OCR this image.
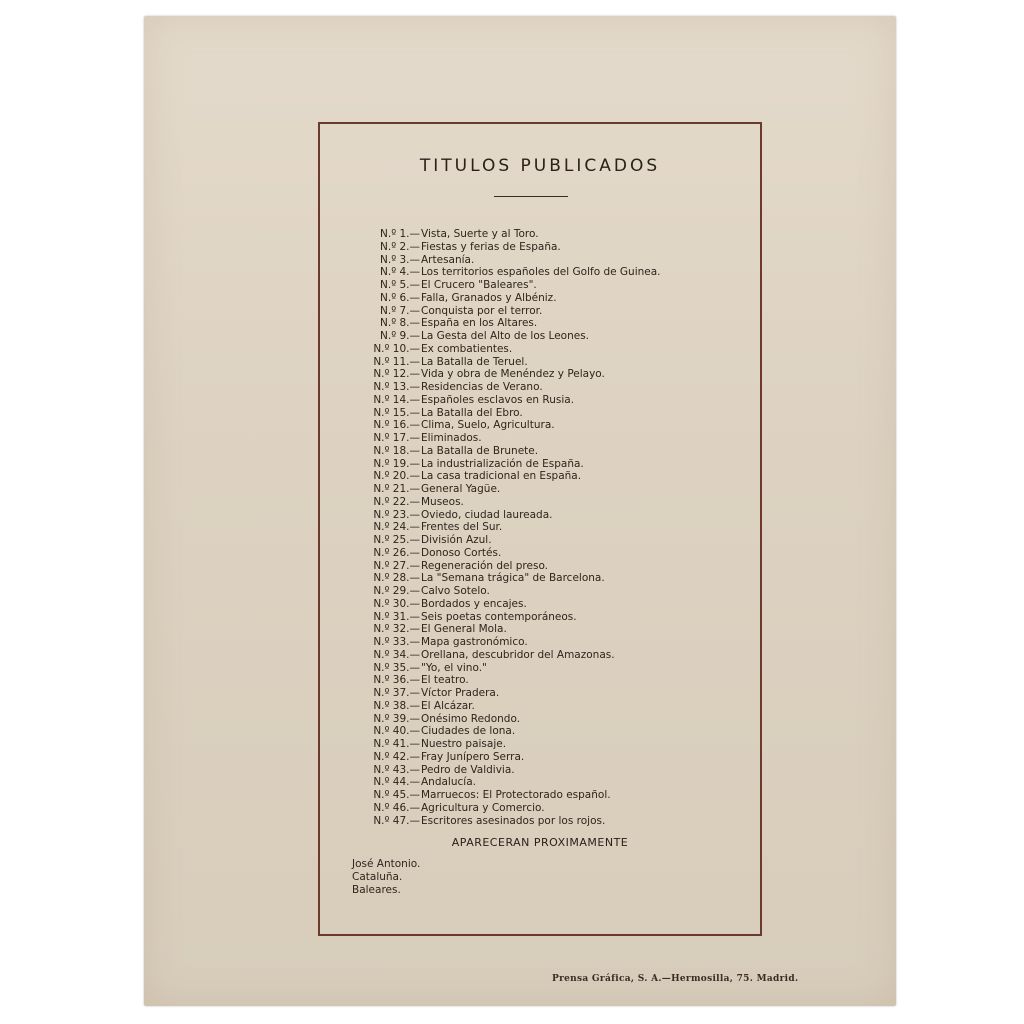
TITULOS PUBLICADOS
N.º 1.— Vista, Suerte y al Toro.
N.º 2.— Fiestas y ferias de España.
N.º 3.— Artesanía.
N.º 4.— Los territorios españoles del Golfo de Guinea.
N.º 5.— El Crucero "Baleares".
N.º 6.— Falla, Granados y Albéniz.
N.º 7.— Conquista por el terror.
N.º 8.— España en los Altares.
N.º 9.— La Gesta del Alto de los Leones.
N.º 10.— Ex combatientes.
N.º 11.— La Batalla de Teruel.
N.º 12.— Vida y obra de Menéndez y Pelayo.
N.º 13.— Residencias de Verano.
N.º 14.— Españoles esclavos en Rusia.
N.º 15.— La Batalla del Ebro.
N.º 16.— Clima, Suelo, Agricultura.
N.º 17.— Eliminados.
N.º 18.— La Batalla de Brunete.
N.º 19.— La industrialización de España.
N.º 20.— La casa tradicional en España.
N.º 21.— General Yagüe.
N.º 22.— Museos.
N.º 23.— Oviedo, ciudad laureada.
N.º 24.— Frentes del Sur.
N.º 25.— División Azul.
N.º 26.— Donoso Cortés.
N.º 27.— Regeneración del preso.
N.º 28.— La "Semana trágica" de Barcelona.
N.º 29.— Calvo Sotelo.
N.º 30.— Bordados y encajes.
N.º 31.— Seis poetas contemporáneos.
N.º 32.— El General Mola.
N.º 33.— Mapa gastronómico.
N.º 34.— Orellana, descubridor del Amazonas.
N.º 35.— "Yo, el vino."
N.º 36.— El teatro.
N.º 37.— Víctor Pradera.
N.º 38.— El Alcázar.
N.º 39.— Onésimo Redondo.
N.º 40.— Ciudades de lona.
N.º 41.— Nuestro paisaje.
N.º 42.— Fray Junípero Serra.
N.º 43.— Pedro de Valdivia.
N.º 44.— Andalucía.
N.º 45.— Marruecos: El Protectorado español.
N.º 46.— Agricultura y Comercio.
N.º 47.— Escritores asesinados por los rojos.
APARECERAN PROXIMAMENTE
José Antonio.
Cataluña.
Baleares.

Prensa Gráfica, S. A.—Hermosilla, 75. Madrid.
